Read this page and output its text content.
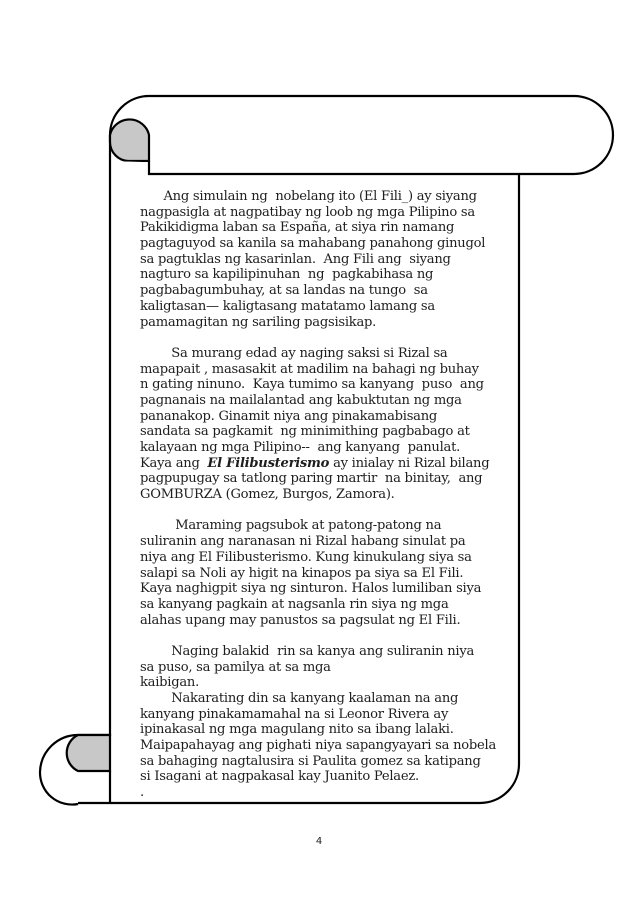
Ang simulain ng  nobelang ito (El Fili_) ay siyang
nagpasigla at nagpatibay ng loob ng mga Pilipino sa
Pakikidigma laban sa España, at siya rin namang
pagtaguyod sa kanila sa mahabang panahong ginugol
sa pagtuklas ng kasarinlan.  Ang Fili ang  siyang
nagturo sa kapilipinuhan  ng  pagkabihasa ng
pagbabagumbuhay, at sa landas na tungo  sa
kaligtasan— kaligtasang matatamo lamang sa
pamamagitan ng sariling pagsisikap.
Sa murang edad ay naging saksi si Rizal sa
mapapait , masasakit at madilim na bahagi ng buhay
n gating ninuno.  Kaya tumimo sa kanyang  puso  ang
pagnanais na mailalantad ang kabuktutan ng mga
pananakop. Ginamit niya ang pinakamabisang
sandata sa pagkamit  ng minimithing pagbabago at
kalayaan ng mga Pilipino--  ang kanyang  panulat.
Kaya ang  El Filibusterismo ay inialay ni Rizal bilang
pagpupugay sa tatlong paring martir  na binitay,  ang
GOMBURZA (Gomez, Burgos, Zamora).
Maraming pagsubok at patong-patong na
suliranin ang naranasan ni Rizal habang sinulat pa
niya ang El Filibusterismo. Kung kinukulang siya sa
salapi sa Noli ay higit na kinapos pa siya sa El Fili.
Kaya naghigpit siya ng sinturon. Halos lumiliban siya
sa kanyang pagkain at nagsanla rin siya ng mga
alahas upang may panustos sa pagsulat ng El Fili.
Naging balakid  rin sa kanya ang suliranin niya
sa puso, sa pamilya at sa mga
kaibigan.
Nakarating din sa kanyang kaalaman na ang
kanyang pinakamamahal na si Leonor Rivera ay
ipinakasal ng mga magulang nito sa ibang lalaki.
Maipapahayag ang pighati niya sapangyayari sa nobela
sa bahaging nagtalusira si Paulita gomez sa katipang
si Isagani at nagpakasal kay Juanito Pelaez.
.
4
